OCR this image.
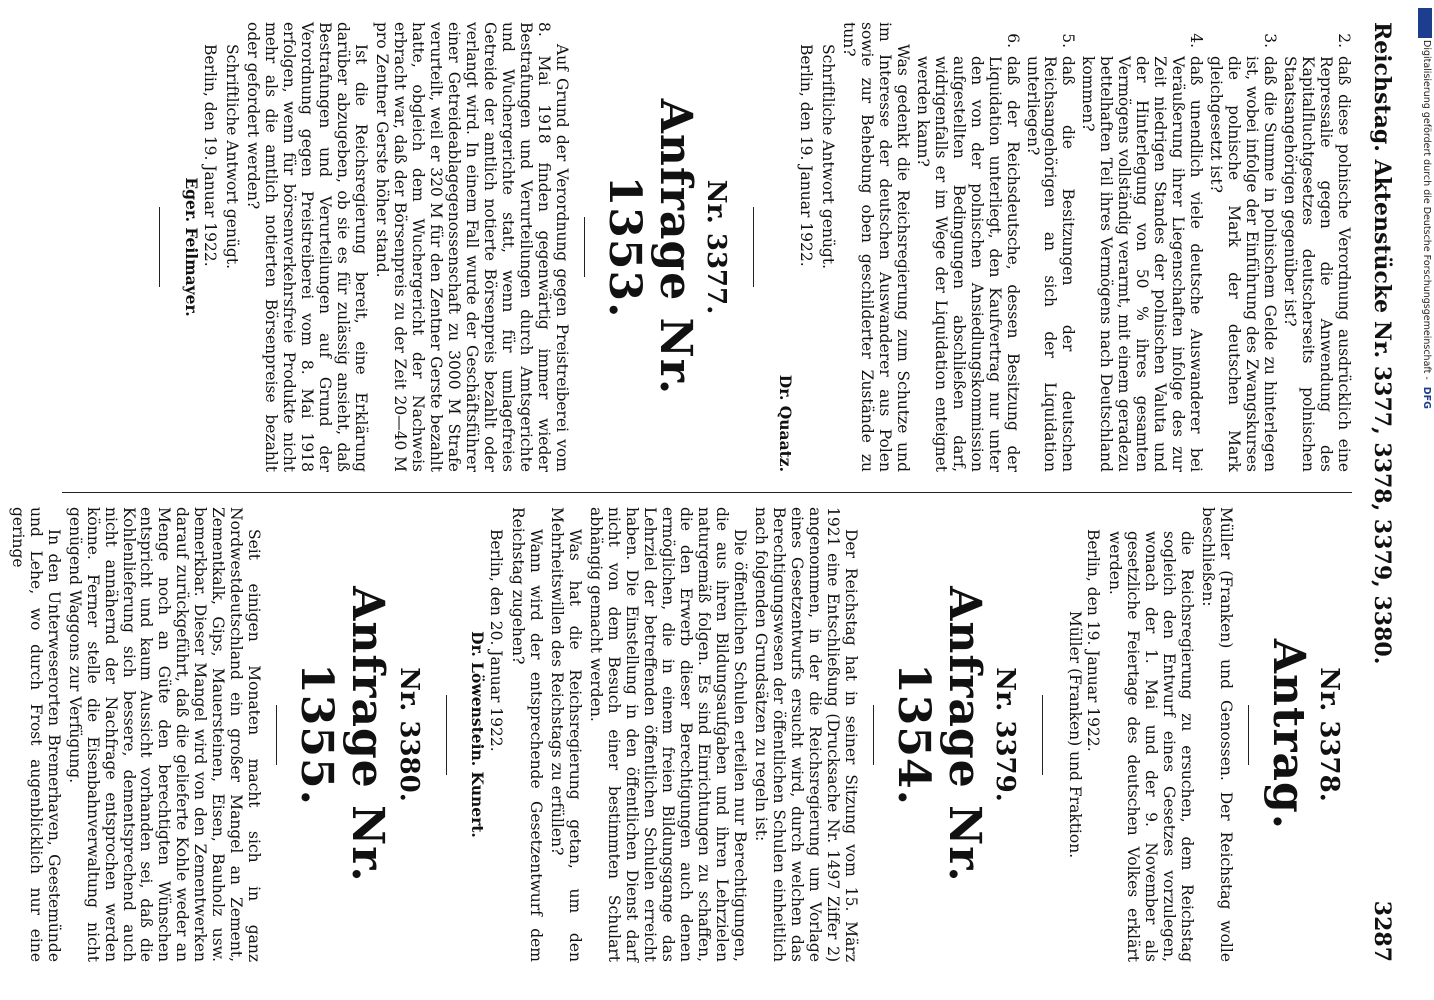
Reichstag. Aktenstücke Nr. 3377, 3378, 3379, 3380.
3287
2.
daß diese polnische Verordnung ausdrücklich eine Repressalie gegen die Anwendung des Kapitalfluchtgesetzes deutscherseits polnischen Staatsangehörigen gegenüber ist?
3.
daß die Summe in polnischem Gelde zu hinterlegen ist, wobei infolge der Einführung des Zwangskurses die polnische Mark der deutschen Mark gleichgesetzt ist?
4.
daß unendlich viele deutsche Auswanderer bei Veräußerung ihrer Liegenschaften infolge des zur Zeit niedrigen Standes der polnischen Valuta und der Hinterlegung von 50 % ihres gesamten Vermögens vollständig verarmt, mit einem geradezu bettelhaften Teil ihres Vermögens nach Deutschland kommen?
5.
daß die Besitzungen der deutschen Reichsangehörigen an sich der Liquidation unterliegen?
6.
daß der Reichsdeutsche, dessen Besitzung der Liquidation unterliegt, den Kaufvertrag nur unter den von der polnischen Ansiedlungskommission aufgestellten Bedingungen abschließen darf, widrigenfalls er im Wege der Liquidation enteignet werden kann?

Was gedenkt die Reichsregierung zum Schutze und im Interesse der deutschen Auswanderer aus Polen sowie zur Behebung oben geschilderter Zustände zu tun?

Schriftliche Antwort genügt.

Berlin, den 19. Januar 1922.

Dr. Quaatz.

Nr. 3377.
Anfrage Nr. 1353.

Auf Grund der Verordnung gegen Preistreiberei vom 8. Mai 1918 finden gegenwärtig immer wieder Bestrafungen und Verurteilungen durch Amtsgerichte und Wuchergerichte statt, wenn für umlagefreies Getreide der amtlich notierte Börsenpreis bezahlt oder verlangt wird. In einem Fall wurde der Geschäftsführer einer Getreideablagegenossenschaft zu 3000 M Strafe verurteilt, weil er 320 M für den Zentner Gerste bezahlt hatte, obgleich dem Wuchergericht der Nachweis erbracht war, daß der Börsenpreis zu der Zeit 20—40 M pro Zentner Gerste höher stand.

Ist die Reichsregierung bereit, eine Erklärung darüber abzugeben, ob sie es für zulässig ansieht, daß Bestrafungen und Verurteilungen auf Grund der Verordnung gegen Preistreiberei vom 8. Mai 1918 erfolgen, wenn für börsenverkehrsfreie Produkte nicht mehr als die amtlich notierten Börsenpreise bezahlt oder gefordert werden?

Schriftliche Antwort genügt.

Berlin, den 19. Januar 1922.

Eger. Feilmayer.

Nr. 3378.
Antrag.

Müller (Franken) und Genossen. Der Reichstag wolle beschließen:

die Reichsregierung zu ersuchen, dem Reichstag sogleich den Entwurf eines Gesetzes vorzulegen, wonach der 1. Mai und der 9. November als gesetzliche Feiertage des deutschen Volkes erklärt werden.

Berlin, den 19. Januar 1922.

Müller (Franken) und Fraktion.

Nr. 3379.
Anfrage Nr. 1354.

Der Reichstag hat in seiner Sitzung vom 15. März 1921 eine Entschließung (Drucksache Nr. 1497 Ziffer 2) angenommen, in der die Reichsregierung um Vorlage eines Gesetzentwurfs ersucht wird, durch welchen das Berechtigungswesen der öffentlichen Schulen einheitlich nach folgenden Grundsätzen zu regeln ist:

Die öffentlichen Schulen erteilen nur Berechtigungen, die aus ihren Bildungsaufgaben und ihren Lehrzielen naturgemäß folgen. Es sind Einrichtungen zu schaffen, die den Erwerb dieser Berechtigungen auch denen ermöglichen, die in einem freien Bildungsgange das Lehrziel der betreffenden öffentlichen Schulen erreicht haben. Die Einstellung in den öffentlichen Dienst darf nicht von dem Besuch einer bestimmten Schulart abhängig gemacht werden.

Was hat die Reichsregierung getan, um den Mehrheitswillen des Reichstags zu erfüllen?

Wann wird der entsprechende Gesetzentwurf dem Reichstag zugehen?

Berlin, den 20. Januar 1922.

Dr. Löwenstein. Kunert.

Nr. 3380.
Anfrage Nr. 1355.

Seit einigen Monaten macht sich in ganz Nordwestdeutschland ein großer Mangel an Zement, Zementkalk, Gips, Mauersteinen, Eisen, Bauholz usw. bemerkbar. Dieser Mangel wird von den Zementwerken darauf zurückgeführt, daß die gelieferte Kohle weder an Menge noch an Güte den berechtigten Wünschen entspricht und kaum Aussicht vorhanden sei, daß die Kohlenlieferung sich bessere, dementsprechend auch nicht annähernd der Nachfrage entsprochen werden könne. Ferner stelle die Eisenbahnverwaltung nicht genügend Waggons zur Verfügung.

In den Unterweserorten Bremerhaven, Geestemünde und Lehe, wo durch Frost augenblicklich nur eine geringe

Digitalisierung gefördert durch die Deutsche Forschungsgemeinschaft - DFG
